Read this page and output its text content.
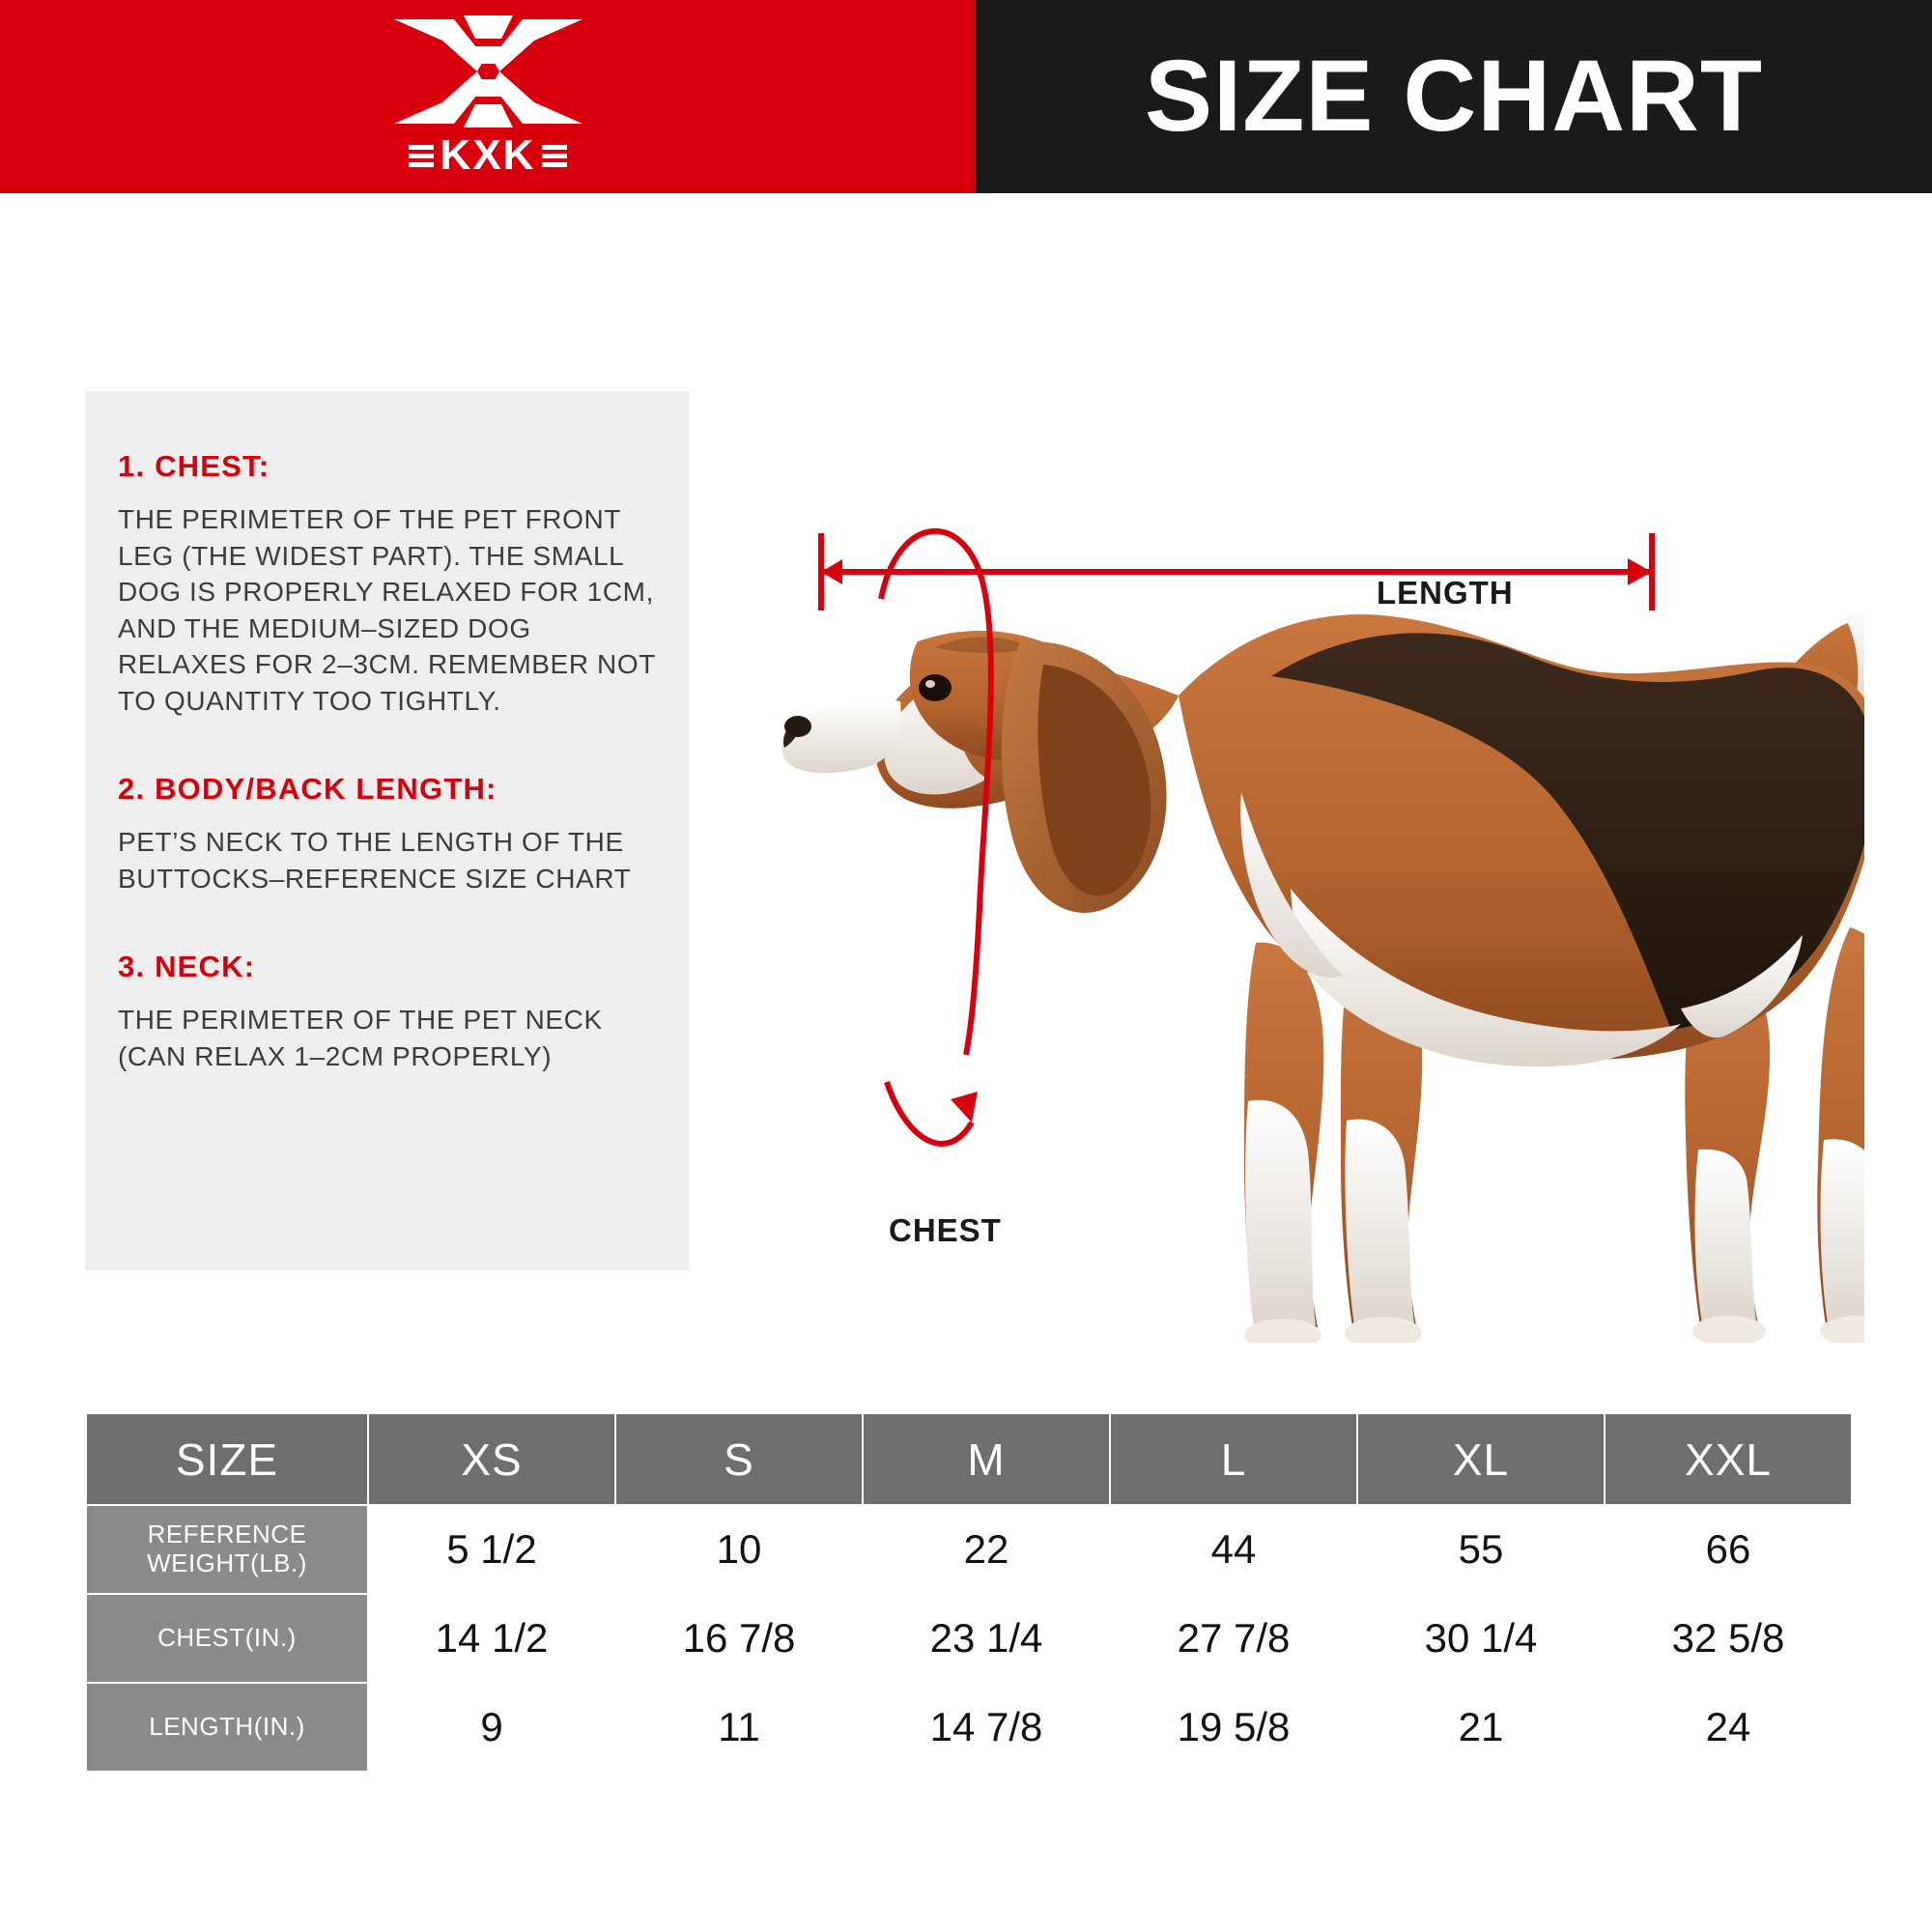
KXK
SIZE CHART
1. CHEST:
THE PERIMETER OF THE PET FRONT LEG (THE WIDEST PART). THE SMALL DOG IS PROPERLY RELAXED FOR 1CM, AND THE MEDIUM–SIZED DOG RELAXES FOR 2–3CM. REMEMBER NOT TO QUANTITY TOO TIGHTLY.
2. BODY/BACK LENGTH:
PET’S NECK TO THE LENGTH OF THE BUTTOCKS–REFERENCE SIZE CHART
3. NECK:
THE PERIMETER OF THE PET NECK (CAN RELAX 1–2CM PROPERLY)
LENGTH
CHEST
SIZE	XS	S	M	L	XL	XXL
REFERENCE
WEIGHT(LB.)	5 1/2	10	22	44	55	66
CHEST(IN.)	14 1/2	16 7/8	23 1/4	27 7/8	30 1/4	32 5/8
LENGTH(IN.)	9	11	14 7/8	19 5/8	21	24
